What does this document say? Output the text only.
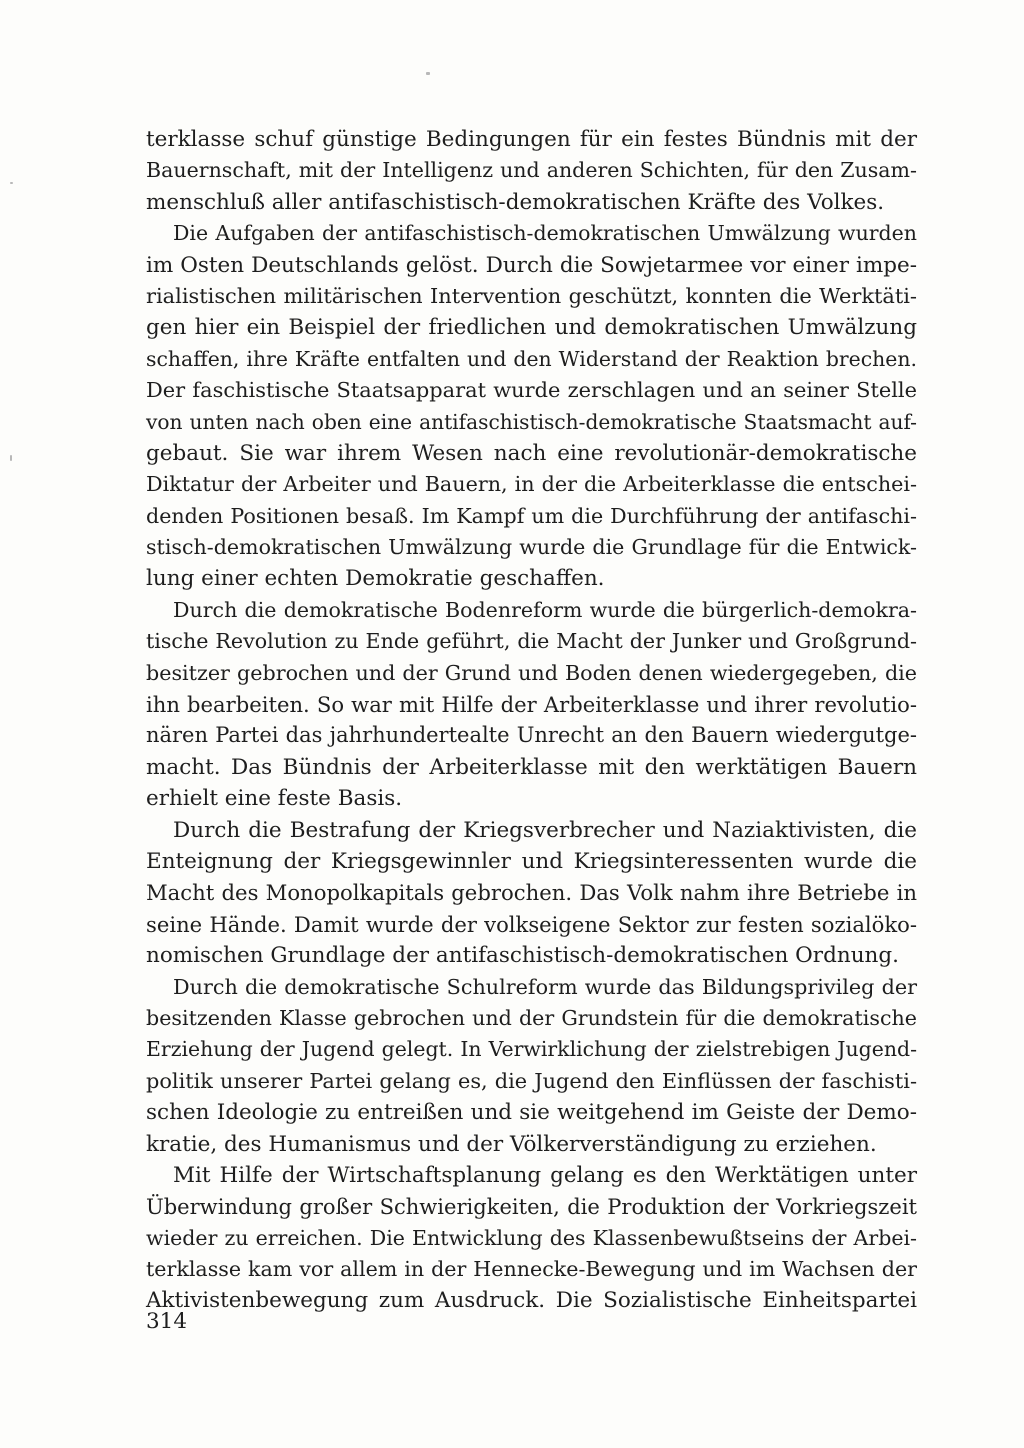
terklasse schuf günstige Bedingungen für ein festes Bündnis mit der
Bauernschaft, mit der Intelligenz und anderen Schichten, für den Zusam-
menschluß aller antifaschistisch-demokratischen Kräfte des Volkes.
Die Aufgaben der antifaschistisch-demokratischen Umwälzung wurden
im Osten Deutschlands gelöst. Durch die Sowjetarmee vor einer impe-
rialistischen militärischen Intervention geschützt, konnten die Werktäti-
gen hier ein Beispiel der friedlichen und demokratischen Umwälzung
schaffen, ihre Kräfte entfalten und den Widerstand der Reaktion brechen.
Der faschistische Staatsapparat wurde zerschlagen und an seiner Stelle
von unten nach oben eine antifaschistisch-demokratische Staatsmacht auf-
gebaut. Sie war ihrem Wesen nach eine revolutionär-demokratische
Diktatur der Arbeiter und Bauern, in der die Arbeiterklasse die entschei-
denden Positionen besaß. Im Kampf um die Durchführung der antifaschi-
stisch-demokratischen Umwälzung wurde die Grundlage für die Entwick-
lung einer echten Demokratie geschaffen.
Durch die demokratische Bodenreform wurde die bürgerlich-demokra-
tische Revolution zu Ende geführt, die Macht der Junker und Großgrund-
besitzer gebrochen und der Grund und Boden denen wiedergegeben, die
ihn bearbeiten. So war mit Hilfe der Arbeiterklasse und ihrer revolutio-
nären Partei das jahrhundertealte Unrecht an den Bauern wiedergutge-
macht. Das Bündnis der Arbeiterklasse mit den werktätigen Bauern
erhielt eine feste Basis.
Durch die Bestrafung der Kriegsverbrecher und Naziaktivisten, die
Enteignung der Kriegsgewinnler und Kriegsinteressenten wurde die
Macht des Monopolkapitals gebrochen. Das Volk nahm ihre Betriebe in
seine Hände. Damit wurde der volkseigene Sektor zur festen sozialöko-
nomischen Grundlage der antifaschistisch-demokratischen Ordnung.
Durch die demokratische Schulreform wurde das Bildungsprivileg der
besitzenden Klasse gebrochen und der Grundstein für die demokratische
Erziehung der Jugend gelegt. In Verwirklichung der zielstrebigen Jugend-
politik unserer Partei gelang es, die Jugend den Einflüssen der faschisti-
schen Ideologie zu entreißen und sie weitgehend im Geiste der Demo-
kratie, des Humanismus und der Völkerverständigung zu erziehen.
Mit Hilfe der Wirtschaftsplanung gelang es den Werktätigen unter
Überwindung großer Schwierigkeiten, die Produktion der Vorkriegszeit
wieder zu erreichen. Die Entwicklung des Klassenbewußtseins der Arbei-
terklasse kam vor allem in der Hennecke-Bewegung und im Wachsen der
Aktivistenbewegung zum Ausdruck. Die Sozialistische Einheitspartei
314
